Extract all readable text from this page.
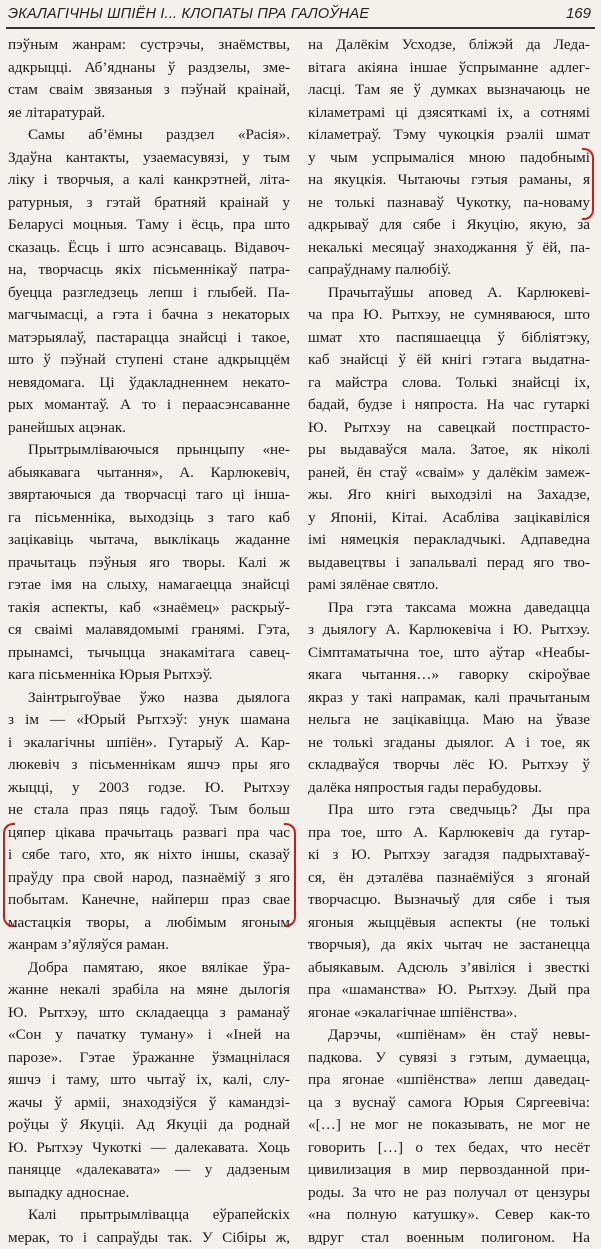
ЭКАЛАГІЧНЫ ШПІЁН І... КЛОПАТЫ ПРА ГАЛОЎНАЕ	169
пэўным жанрам: сустрэчы, знаёмствы,
адкрыцці. Аб’яднаны ў раздзелы, зме-
стам сваім звязаныя з пэўнай краінай,
яе літаратурай.
Самы аб’ёмны раздзел «Расія».
Здаўна кантакты, узаемасувязі, у тым
ліку і творчыя, а калі канкрэтней, літа-
ратурныя, з гэтай братняй краінай у
Беларусі моцныя. Таму і ёсць, пра што
сказаць. Ёсць і што асэнсаваць. Відавоч-
на, творчасць якіх пісьменнікаў патра-
буецца разгледзець лепш і глыбей. Па-
магчымасці, а гэта і бачна з некаторых
матэрыялаў, пастарацца знайсці і такое,
што ў пэўнай ступені стане адкрыццём
невядомага. Ці ўдакладненнем некато-
рых момантаў. А то і пераасэнсаванне
ранейшых ацэнак.
Прытрымліваючыся прынцыпу «не-
абыякавага чытання», А. Карлюкевіч,
звяртаючыся да творчасці таго ці інша-
га пісьменніка, выходзіць з таго каб
зацікавіць чытача, выклікаць жаданне
прачытаць пэўныя яго творы. Калі ж
гэтае імя на слыху, намагаецца знайсці
такія аспекты, каб «знаёмец» раскрыў-
ся сваімі малавядомымі гранямі. Гэта,
прынамсі, тычыцца знакамітага савец-
кага пісьменніка Юрыя Рытхэў.
Заінтрыгоўвае ўжо назва дыялога
з ім — «Юрый Рытхэў: унук шамана
і экалагічны шпіён». Гутарыў А. Кар-
люкевіч з пісьменнікам яшчэ пры яго
жыцці, у 2003 годзе. Ю. Рытхэу
не стала праз пяць гадоў. Тым больш
цяпер цікава прачытаць развагі пра час
і сябе таго, хто, як ніхто іншы, сказаў
праўду пра свой народ, пазнаёміў з яго
побытам. Канечне, найперш праз свае
мастацкія творы, а любімым ягоным
жанрам з’яўляўся раман.
Добра памятаю, якое вялікае ўра-
жанне некалі зрабіла на мяне дылогія
Ю. Рытхэу, што складаецца з раманаў
«Сон у пачатку туману» і «Іней на
парозе». Гэтае ўражанне ўзмацнілася
яшчэ і таму, што чытаў іх, калі, слу-
жачы ў арміі, знаходзіўся ў камандзі-
роўцы ў Якуціі. Ад Якуціі да роднай
Ю. Рытхэу Чукоткі — далекавата. Хоць
паняцце «далекавата» — у дадзеным
выпадку адноснае.
Калі прытрымлівацца еўрапейскіх
мерак, то і сапраўды так. У Сібіры ж,
на Далёкім Усходзе, бліжэй да Ледa-
вітага акіяна іншае ўспрыманне адлег-
ласці. Там яе ў думках вызначаюць не
кіламетрамі ці дзясяткамі іх, а сотнямі
кіламетраў. Тэму чукоцкія рэаліі шмат
у чым успрымаліся мною падобнымі
на якуцкія. Чытаючы гэтыя раманы, я
не толькі пазнаваў Чукотку, па-новаму
адкрываў для сябе і Якуцію, якую, за
некалькі месяцаў знаходжання ў ёй, па-
сапраўднаму палюбіў.
Прачытаўшы аповед А. Карлюкеві-
ча пра Ю. Рытхэу, не сумняваюся, што
шмат хто паспяшаецца ў бібліятэку,
каб знайсці ў ёй кнігі гэтага выдатна-
га майстра слова. Толькі знайсці іх,
бадай, будзе і няпроста. На час гутаркі
Ю. Рытхэу на савецкай постпрастo-
ры выдаваўся мала. Затое, як ніколі
раней, ён стаў «сваім» у далёкім замеж-
жы. Яго кнігі выходзілі на Захадзе,
у Японіі, Кітаі. Асабліва зацікавіліся
імі нямецкія перакладчыкі. Адпаведна
выдавецтвы і запальвалі перад яго тво-
рамі зялёнае святло.
Пра гэта таксама можна даведацца
з дыялогу А. Карлюкевіча і Ю. Рытхэу.
Сімптаматычна тое, што аўтар «Неабы-
якага чытання…» гаворку скіроўвае
якраз у такі напрамак, калі прачытаным
нельга не зацікавіцца. Маю на ўвазе
не толькі згаданы дыялог. А і тое, як
складваўся творчы лёс Ю. Рытхэу ў
далёка няпростыя гады перабудовы.
Пра што гэта сведчыць? Ды пра
пра тое, што А. Карлюкевіч да гутар-
кі з Ю. Рытхэу загадзя падрыхтаваў-
ся, ён дэталёва пазнаёміўся з ягонай
творчасцю. Вызначыў для сябе і тыя
ягоныя жыццёвыя аспекты (не толькі
творчыя), да якіх чытач не застанецца
абыякавым. Адсюль з’явіліся і звесткі
пра «шаманства» Ю. Рытхэу. Дый пра
ягонае «экалагічнае шпіёнства».
Дарэчы, «шпіёнам» ён стаў невы-
падкова. У сувязі з гэтым, думаецца,
пра ягонае «шпіёнства» лепш даведац-
ца з вуснаў самога Юрыя Сяргеевіча:
«[…] не мог не показывать, не мог не
говорить […] о тех бедах, что несёт
цивилизация в мир первозданной при-
роды. За что не раз получал от цензуры
«на полную катушку». Север как-то
вдруг стал военным полигоном. На
